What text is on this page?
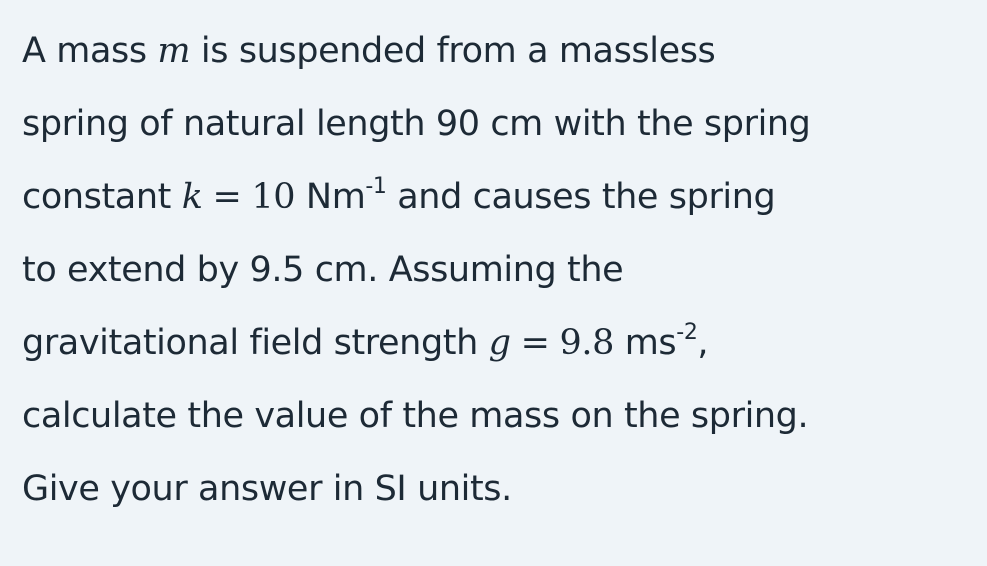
A mass m is suspended from a massless
spring of natural length 90 cm with the spring
constant k = 10 $Nm^{-1}$ and causes the spring
to extend by 9.5 cm. Assuming the
gravitational field strength g = 9.8 $ms^{-2}$,
calculate the value of the mass on the spring.
Give your answer in SI units.
